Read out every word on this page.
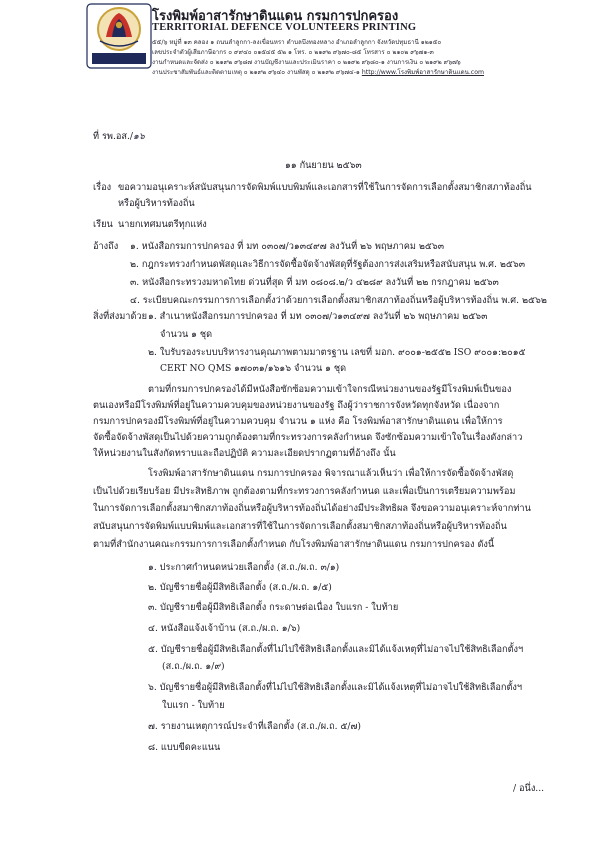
โรงพิมพ์อาสารักษาดินแดน กรมการปกครอง
TERRITORIAL DEFENCE VOLUNTEERS PRINTING
๕๕/๖ หมู่ที่ ๑๓ คลอง ๑ ถนนลำลูกกา-ลงเขื่อนหรา ตำบลบึงทองหลาง อำเภอลำลูกกา จังหวัดปทุมธานี ๑๒๑๕๐
เลขประจำตัวผู้เสียภาษีอากร ๐ ๙๙๔๐ ๐๑๕๔๕ ๕๒ ๑ โทร. ๐ ๒๑๙๒ ๙๖๗๐-๘๕ โทรสาร ๐ ๒๑๐๒ ๙๖๗๑-๓
งานกำหนดและจัดส่ง ๐ ๒๑๙๒ ๙๖๘๗ งานบัญชีงานและประเมินราคา ๐ ๒๑๙๒ ๙๖๘๐-๑ งานการเงิน ๐ ๒๑๙๒ ๙๖๗๖
งานประชาสัมพันธ์และติดตามเหตุ ๐ ๒๑๙๒ ๙๖๔๐ งานพัสดุ ๐ ๒๑๙๒ ๙๖๗๔-๑ http://www.โรงพิมพ์อาสารักษาดินแดน.com
ที่ รพ.อส./๑๖
๑๑ กันยายน ๒๕๖๓
เรื่อง ขอความอนุเคราะห์สนับสนุนการจัดพิมพ์แบบพิมพ์และเอกสารที่ใช้ในการจัดการเลือกตั้งสมาชิกสภาท้องถิ่น
หรือผู้บริหารท้องถิ่น
เรียน นายกเทศมนตรีทุกแห่ง
อ้างถึง ๑. หนังสือกรมการปกครอง ที่ มท ๐๓๐๗/ว๑๓๔๙๗ ลงวันที่ ๒๖ พฤษภาคม ๒๕๖๓
๒. กฎกระทรวงกำหนดพัสดุและวิธีการจัดซื้อจัดจ้างพัสดุที่รัฐต้องการส่งเสริมหรือสนับสนุน พ.ศ. ๒๕๖๓
๓. หนังสือกระทรวงมหาดไทย ด่วนที่สุด ที่ มท ๐๘๐๘.๒/ว ๔๒๘๙ ลงวันที่ ๒๒ กรกฎาคม ๒๕๖๓
๔. ระเบียบคณะกรรมการการเลือกตั้งว่าด้วยการเลือกตั้งสมาชิกสภาท้องถิ่นหรือผู้บริหารท้องถิ่น พ.ศ. ๒๕๖๒
สิ่งที่ส่งมาด้วย ๑. สำเนาหนังสือกรมการปกครอง ที่ มท ๐๓๐๗/ว๑๓๔๙๗ ลงวันที่ ๒๖ พฤษภาคม ๒๕๖๓
จำนวน ๑ ชุด
๒. ใบรับรองระบบบริหารงานคุณภาพตามมาตรฐาน เลขที่ มอก. ๙๐๐๑-๒๕๕๒ ISO ๙๐๐๑:๒๐๑๕
CERT NO QMS ๑๗๐๓๑/๑๖๑๖ จำนวน ๑ ชุด
ตามที่กรมการปกครองได้มีหนังสือซักซ้อมความเข้าใจกรณีหน่วยงานของรัฐมีโรงพิมพ์เป็นของ
ตนเองหรือมีโรงพิมพ์ที่อยู่ในความควบคุมของหน่วยงานของรัฐ ถึงผู้ว่าราชการจังหวัดทุกจังหวัด เนื่องจาก
กรมการปกครองมีโรงพิมพ์ที่อยู่ในความควบคุม จำนวน ๑ แห่ง คือ โรงพิมพ์อาสารักษาดินแดน เพื่อให้การ
จัดซื้อจัดจ้างพัสดุเป็นไปด้วยความถูกต้องตามที่กระทรวงการคลังกำหนด จึงซักซ้อมความเข้าใจในเรื่องดังกล่าว
ให้หน่วยงานในสังกัดทราบและถือปฏิบัติ ความละเอียดปรากฏตามที่อ้างถึง นั้น
โรงพิมพ์อาสารักษาดินแดน กรมการปกครอง พิจารณาแล้วเห็นว่า เพื่อให้การจัดซื้อจัดจ้างพัสดุ
เป็นไปด้วยเรียบร้อย มีประสิทธิภาพ ถูกต้องตามที่กระทรวงการคลังกำหนด และเพื่อเป็นการเตรียมความพร้อม
ในการจัดการเลือกตั้งสมาชิกสภาท้องถิ่นหรือผู้บริหารท้องถิ่นได้อย่างมีประสิทธิผล จึงขอความอนุเคราะห์จากท่าน
สนับสนุนการจัดพิมพ์แบบพิมพ์และเอกสารที่ใช้ในการจัดการเลือกตั้งสมาชิกสภาท้องถิ่นหรือผู้บริหารท้องถิ่น
ตามที่สำนักงานคณะกรรมการการเลือกตั้งกำหนด กับโรงพิมพ์อาสารักษาดินแดน กรมการปกครอง ดังนี้
๑. ประกาศกำหนดหน่วยเลือกตั้ง (ส.ถ./ผ.ถ. ๓/๑)
๒. บัญชีรายชื่อผู้มีสิทธิเลือกตั้ง (ส.ถ./ผ.ถ. ๑/๕)
๓. บัญชีรายชื่อผู้มีสิทธิเลือกตั้ง กระดาษต่อเนื่อง ใบแรก - ใบท้าย
๔. หนังสือแจ้งเจ้าบ้าน (ส.ถ./ผ.ถ. ๑/๖)
๕. บัญชีรายชื่อผู้มีสิทธิเลือกตั้งที่ไม่ไปใช้สิทธิเลือกตั้งและมิได้แจ้งเหตุที่ไม่อาจไปใช้สิทธิเลือกตั้งฯ
(ส.ถ./ผ.ถ. ๑/๙)
๖. บัญชีรายชื่อผู้มีสิทธิเลือกตั้งที่ไม่ไปใช้สิทธิเลือกตั้งและมิได้แจ้งเหตุที่ไม่อาจไปใช้สิทธิเลือกตั้งฯ
ใบแรก - ใบท้าย
๗. รายงานเหตุการณ์ประจำที่เลือกตั้ง (ส.ถ./ผ.ถ. ๕/๗)
๘. แบบขีดคะแนน
/ อนึ่ง...
